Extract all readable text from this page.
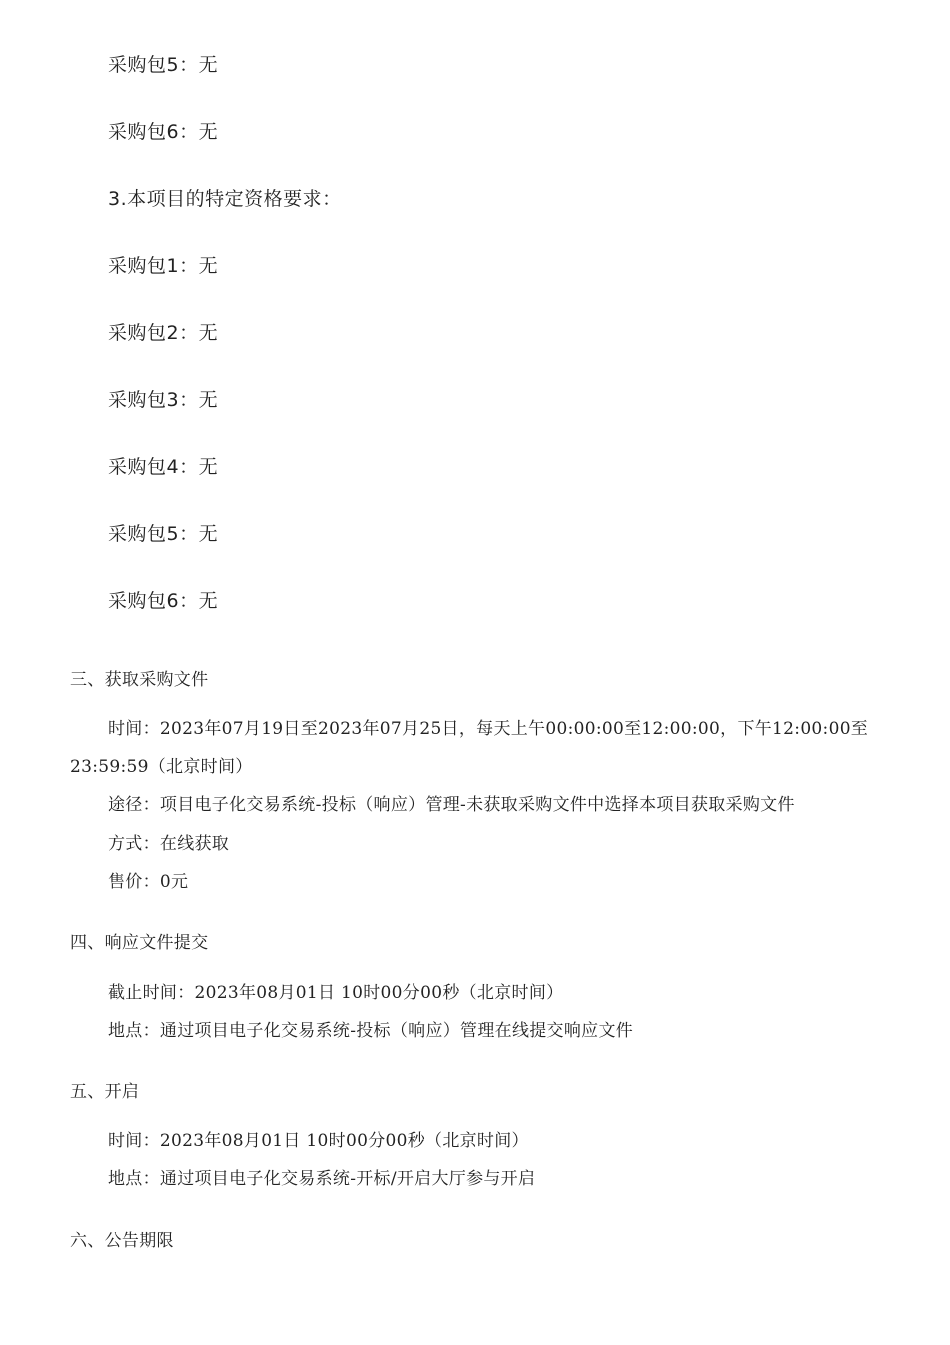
采购包5：无
采购包6：无
3.本项目的特定资格要求：
采购包1：无
采购包2：无
采购包3：无
采购包4：无
采购包5：无
采购包6：无
三、获取采购文件
时间：2023年07月19日至2023年07月25日，每天上午00:00:00至12:00:00，下午12:00:00至
23:59:59（北京时间）
途径：项目电子化交易系统-投标（响应）管理-未获取采购文件中选择本项目获取采购文件
方式：在线获取
售价：0元
四、响应文件提交
截止时间：2023年08月01日 10时00分00秒（北京时间）
地点：通过项目电子化交易系统-投标（响应）管理在线提交响应文件
五、开启
时间：2023年08月01日 10时00分00秒（北京时间）
地点：通过项目电子化交易系统-开标/开启大厅参与开启
六、公告期限
